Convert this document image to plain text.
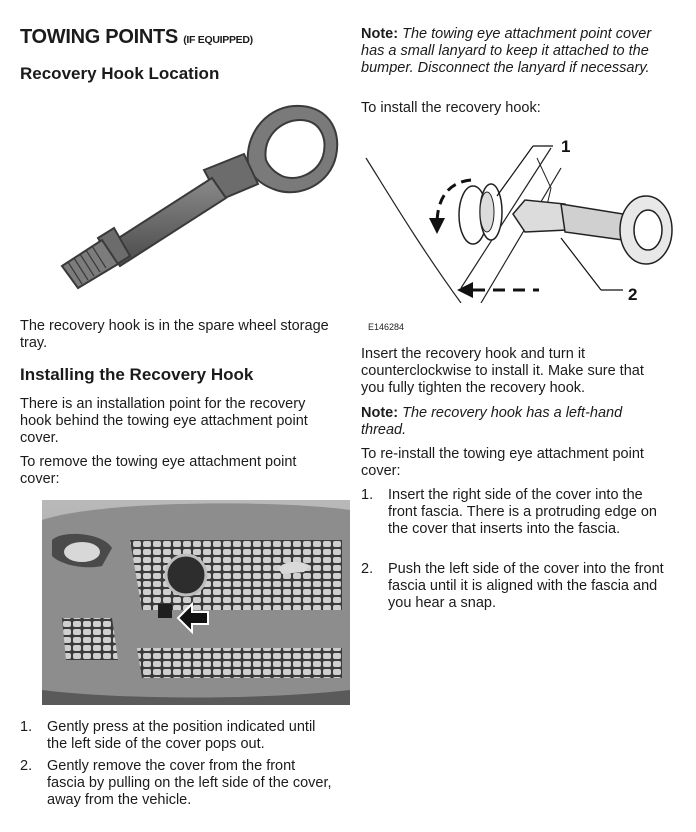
TOWING POINTS (IF EQUIPPED)
Recovery Hook Location
The recovery hook is in the spare wheel storage tray.
Installing the Recovery Hook
There is an installation point for the recovery hook behind the towing eye attachment point cover.
To remove the towing eye attachment point cover:
1. Gently press at the position indicated until the left side of the cover pops out.
2. Gently remove the cover from the front fascia by pulling on the left side of the cover, away from the vehicle.
Note: The towing eye attachment point cover has a small lanyard to keep it attached to the bumper. Disconnect the lanyard if necessary.
To install the recovery hook:
1
2
E146284
Insert the recovery hook and turn it counterclockwise to install it. Make sure that you fully tighten the recovery hook.
Note: The recovery hook has a left-hand thread.
To re-install the towing eye attachment point cover:
1. Insert the right side of the cover into the front fascia. There is a protruding edge on the cover that inserts into the fascia.
2. Push the left side of the cover into the front fascia until it is aligned with the fascia and you hear a snap.
